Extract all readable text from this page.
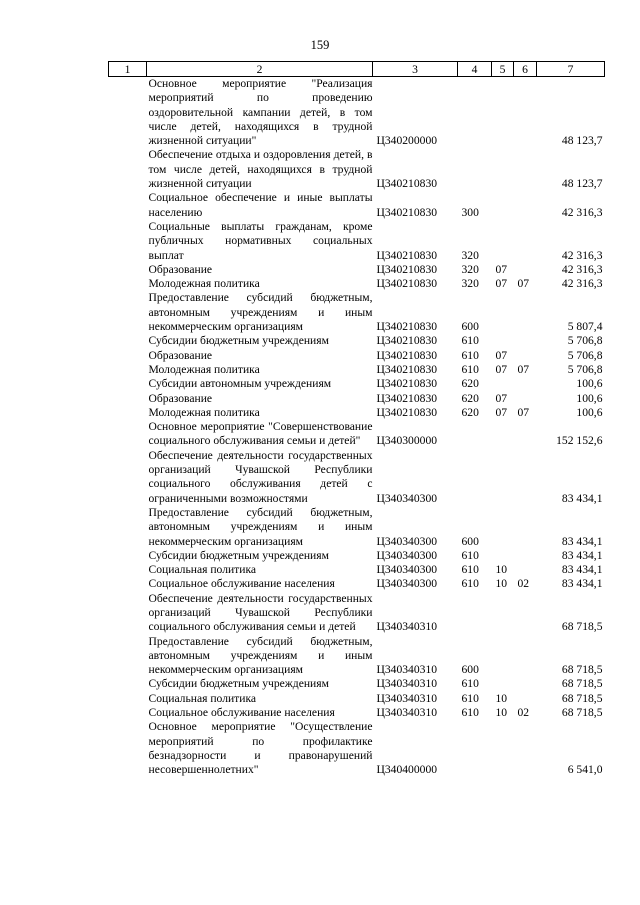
159
1	2	3	4	5	6	7
	Основное мероприятие "Реализация мероприятий по проведению оздоровительной кампании детей, в том числе детей, находящихся в трудной жизненной ситуации"	Ц340200000				48 123,7
	Обеспечение отдыха и оздоровления детей, в том числе детей, находящихся в трудной жизненной ситуации	Ц340210830				48 123,7
	Социальное обеспечение и иные выплаты населению	Ц340210830	300			42 316,3
	Социальные выплаты гражданам, кроме публичных нормативных социальных выплат	Ц340210830	320			42 316,3
	Образование	Ц340210830	320	07		42 316,3
	Молодежная политика	Ц340210830	320	07	07	42 316,3
	Предоставление субсидий бюджетным, автономным учреждениям и иным некоммерческим организациям	Ц340210830	600			5 807,4
	Субсидии бюджетным учреждениям	Ц340210830	610			5 706,8
	Образование	Ц340210830	610	07		5 706,8
	Молодежная политика	Ц340210830	610	07	07	5 706,8
	Субсидии автономным учреждениям	Ц340210830	620			100,6
	Образование	Ц340210830	620	07		100,6
	Молодежная политика	Ц340210830	620	07	07	100,6
	Основное мероприятие "Совершенствование социального обслуживания семьи и детей"	Ц340300000				152 152,6
	Обеспечение деятельности государственных организаций Чувашской Республики социального обслуживания детей с ограниченными возможностями	Ц340340300				83 434,1
	Предоставление субсидий бюджетным, автономным учреждениям и иным некоммерческим организациям	Ц340340300	600			83 434,1
	Субсидии бюджетным учреждениям	Ц340340300	610			83 434,1
	Социальная политика	Ц340340300	610	10		83 434,1
	Социальное обслуживание населения	Ц340340300	610	10	02	83 434,1
	Обеспечение деятельности государственных организаций Чувашской Республики социального обслуживания семьи и детей	Ц340340310				68 718,5
	Предоставление субсидий бюджетным, автономным учреждениям и иным некоммерческим организациям	Ц340340310	600			68 718,5
	Субсидии бюджетным учреждениям	Ц340340310	610			68 718,5
	Социальная политика	Ц340340310	610	10		68 718,5
	Социальное обслуживание населения	Ц340340310	610	10	02	68 718,5
	Основное мероприятие "Осуществление мероприятий по профилактике безнадзорности и правонарушений несовершеннолетних"	Ц340400000				6 541,0
